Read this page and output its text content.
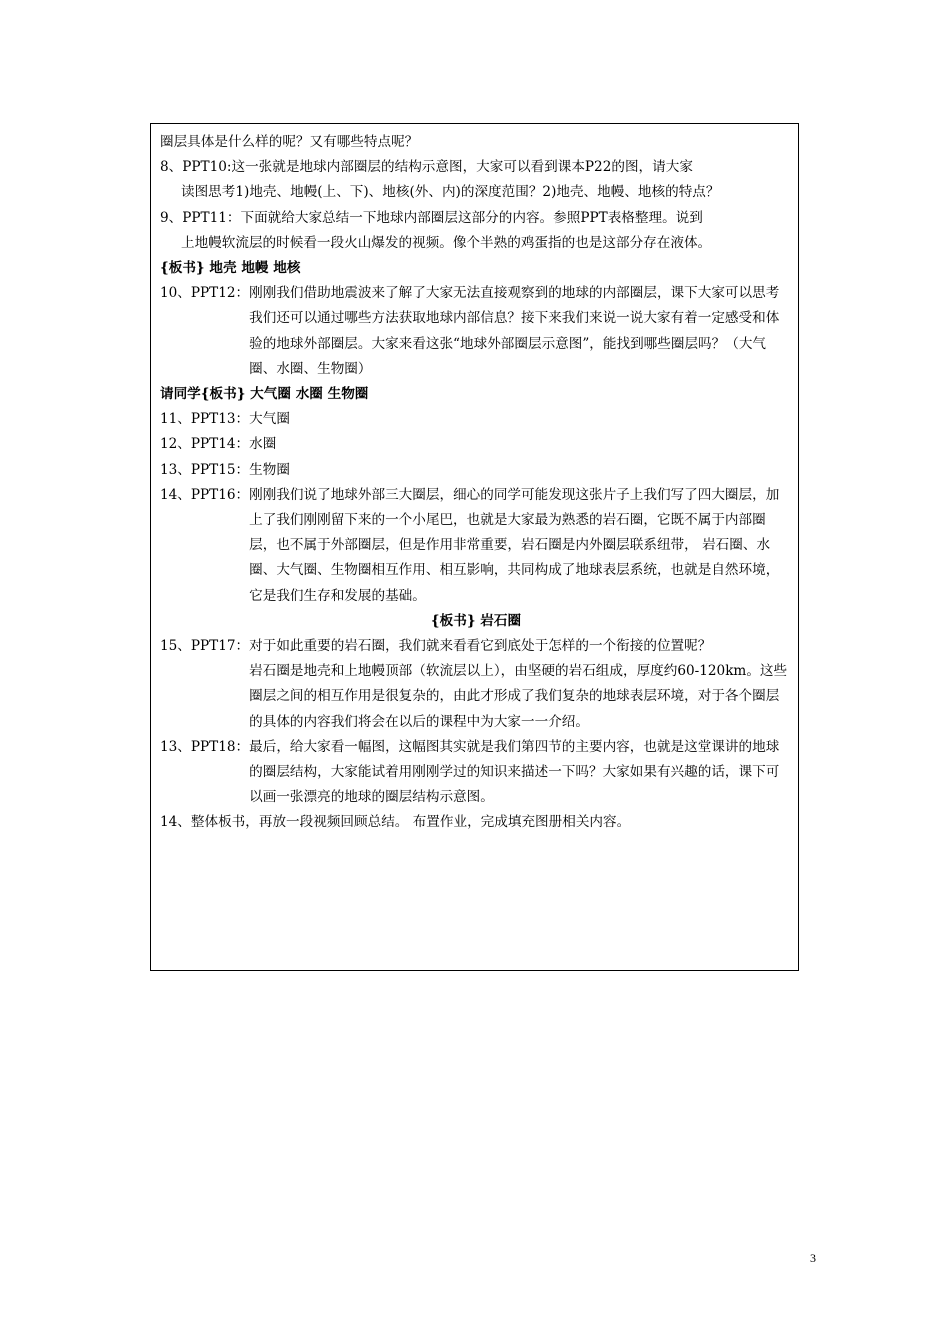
圈层具体是什么样的呢？又有哪些特点呢？

8、PPT10:这一张就是地球内部圈层的结构示意图，大家可以看到课本P22的图，请大家

读图思考1)地壳、地幔(上、下)、地核(外、内)的深度范围？2)地壳、地幔、地核的特点？

9、PPT11：下面就给大家总结一下地球内部圈层这部分的内容。参照PPT表格整理。说到

上地幔软流层的时候看一段火山爆发的视频。像个半熟的鸡蛋指的也是这部分存在液体。

{板书} 地壳 地幔 地核

10、PPT12： 刚刚我们借助地震波来了解了大家无法直接观察到的地球的内部圈层，课下大家可以思考我们还可以通过哪些方法获取地球内部信息？接下来我们来说一说大家有着一定感受和体验的地球外部圈层。大家来看这张“地球外部圈层示意图”，能找到哪些圈层吗？（大气圈、水圈、生物圈）

请同学{板书} 大气圈 水圈 生物圈

11、PPT13：大气圈

12、PPT14：水圈

13、PPT15：生物圈

14、PPT16： 刚刚我们说了地球外部三大圈层，细心的同学可能发现这张片子上我们写了四大圈层，加上了我们刚刚留下来的一个小尾巴，也就是大家最为熟悉的岩石圈，它既不属于内部圈层，也不属于外部圈层，但是作用非常重要，岩石圈是内外圈层联系纽带， 岩石圈、水圈、大气圈、生物圈相互作用、相互影响，共同构成了地球表层系统，也就是自然环境，它是我们生存和发展的基础。

{板书} 岩石圈

15、PPT17： 对于如此重要的岩石圈，我们就来看看它到底处于怎样的一个衔接的位置呢？                岩石圈是地壳和上地幔顶部（软流层以上），由坚硬的岩石组成，厚度约60-120km。这些圈层之间的相互作用是很复杂的，由此才形成了我们复杂的地球表层环境，对于各个圈层的具体的内容我们将会在以后的课程中为大家一一介绍。
13、PPT18： 最后，给大家看一幅图，这幅图其实就是我们第四节的主要内容，也就是这堂课讲的地球的圈层结构，大家能试着用刚刚学过的知识来描述一下吗？大家如果有兴趣的话，课下可以画一张漂亮的地球的圈层结构示意图。

14、整体板书，再放一段视频回顾总结。 布置作业，完成填充图册相关内容。

3
